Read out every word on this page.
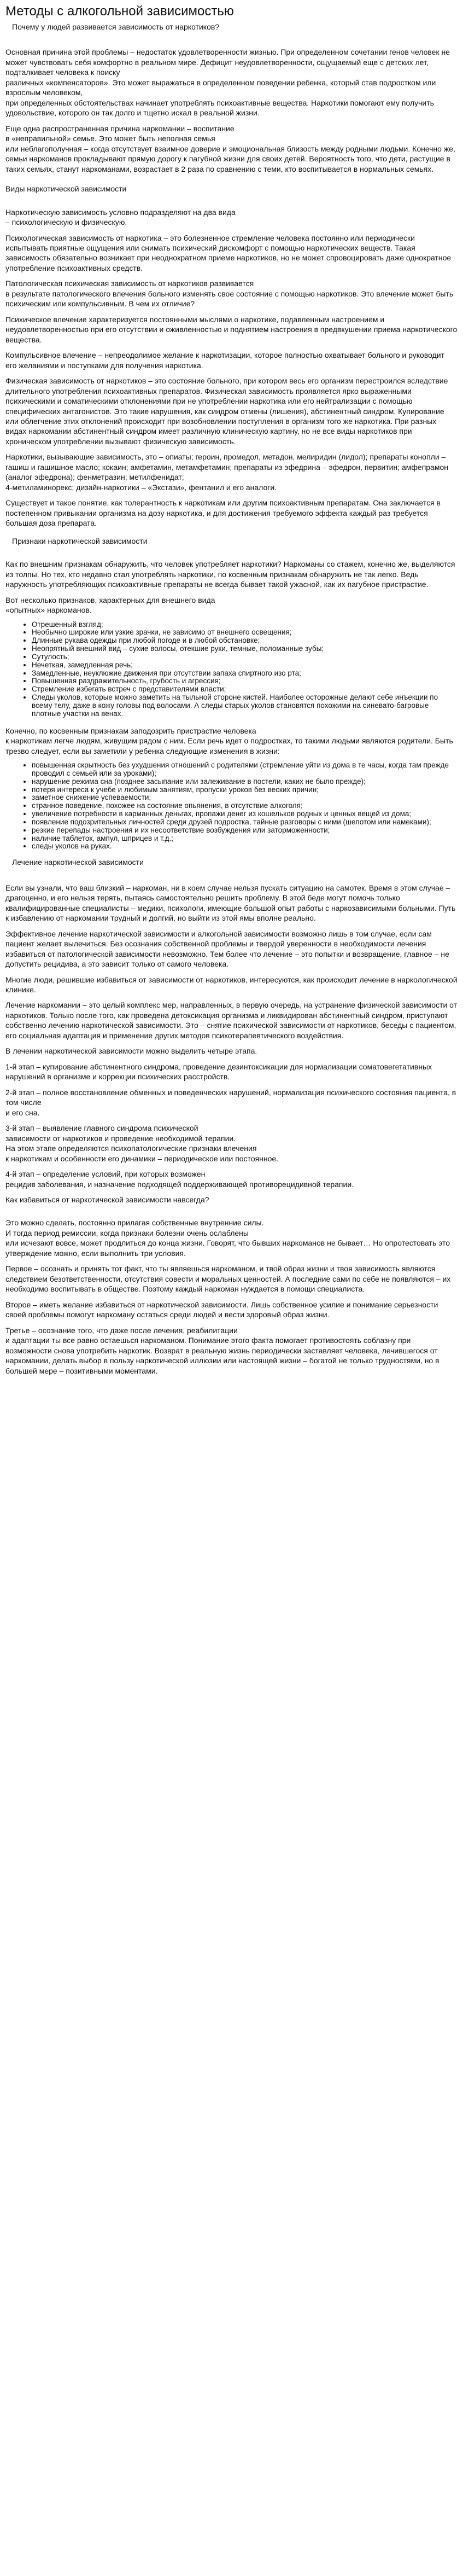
Методы с алкогольной зависимостью
Почему у людей развивается зависимость от наркотиков?

Основная причина этой проблемы – недостаток удовлетворенности жизнью. При определенном сочетании генов человек не может чувствовать себя комфортно в реальном мире. Дефицит неудовлетворенности, ощущаемый еще с детских лет, подталкивает человека к поиску
различных «компенсаторов». Это может выражаться в определенном поведении ребенка, который став подростком или взрослым человеком,
при определенных обстоятельствах начинает употреблять психоактивные вещества. Наркотики помогают ему получить удовольствие, которого он так долго и тщетно искал в реальной жизни.

Еще одна распространенная причина наркомании – воспитание
в «неправильной» семье. Это может быть неполная семья
или неблагополучная – когда отсутствует взаимное доверие и эмоциональная близость между родными людьми. Конечно же, семьи наркоманов прокладывают прямую дорогу к пагубной жизни для своих детей. Вероятность того, что дети, растущие в таких семьях, станут наркоманами, возрастает в 2 раза по сравнению с теми, кто воспитывается в нормальных семьях.

Виды наркотической зависимости

Наркотическую зависимость условно подразделяют на два вида
– психологическую и физическую.

Психологическая зависимость от наркотика – это болезненное стремление человека постоянно или периодически испытывать приятные ощущения или снимать психический дискомфорт с помощью наркотических веществ. Такая зависимость обязательно возникает при неоднократном приеме наркотиков, но не может спровоцировать даже однократное употребление психоактивных средств.

Патологическая психическая зависимость от наркотиков развивается
в результате патологического влечения больного изменять свое состояние с помощью наркотиков. Это влечение может быть
психическим или компульсивным. В чем их отличие?

Психическое влечение характеризуется постоянными мыслями о наркотике, подавленным настроением и неудовлетворенностью при его отсутствии и оживленностью и поднятием настроения в предвкушении приема наркотического вещества.

Компульсивное влечение – непреодолимое желание к наркотизации, которое полностью охватывает больного и руководит его желаниями и поступками для получения наркотика.

Физическая зависимость от наркотиков – это состояние больного, при котором весь его организм перестроился вследствие длительного употребления психоактивных препаратов. Физическая зависимость проявляется ярко выраженными психическими и соматическими отклонениями при не употреблении наркотика или его нейтрализации с помощью специфических антагонистов. Это такие нарушения, как синдром отмены (лишения), абстинентный синдром. Купирование или облегчение этих отклонений происходит при возобновлении поступления в организм того же наркотика. При разных видах наркомании абстинентный синдром имеет различную клиническую картину, но не все виды наркотиков при хроническом употреблении вызывают физическую зависимость.

Наркотики, вызывающие зависимость, это – опиаты; героин, промедол, метадон, мелиридин (лидол); препараты конопли – гашиш и гашишное масло; кокаин; амфетамин, метамфетамин; препараты из эфедрина – эфедрон, первитин; амфепрамон (аналог эфедрона); фенметразин; метилфенидат;
4-метиламинорекс; дизайн-наркотики – «Экстази», фентанил и его аналоги.

Существует и такое понятие, как толерантность к наркотикам или другим психоактивным препаратам. Она заключается в постепенном привыкании организма на дозу наркотика, и для достижения требуемого эффекта каждый раз требуется большая доза препарата.

Признаки наркотической зависимости

Как по внешним признакам обнаружить, что человек употребляет наркотики? Наркоманы со стажем, конечно же, выделяются из толпы. Но тех, кто недавно стал употреблять наркотики, по косвенным признакам обнаружить не так легко. Ведь наружность употребляющих психоактивные препараты не всегда бывает такой ужасной, как их пагубное пристрастие.

Вот несколько признаков, характерных для внешнего вида
«опытных» наркоманов.

• Отрешенный взгляд;
• Необычно широкие или узкие зрачки, не зависимо от внешнего освещения;
• Длинные рукава одежды при любой погоде и в любой обстановке;
• Неопрятный внешний вид – сухие волосы, отекшие руки, темные, поломанные зубы;
• Сутулость;
• Нечеткая, замедленная речь;
• Замедленные, неуклюжие движения при отсутствии запаха спиртного изо рта;
• Повышенная раздражительность, грубость и агрессия;
• Стремление избегать встреч с представителями власти;
• Следы уколов, которые можно заметить на тыльной стороне кистей. Наиболее осторожные делают себе инъекции по всему телу, даже в кожу головы под волосами. А следы старых уколов становятся похожими на синевато-багровые плотные участки на венах.

Конечно, по косвенным признакам заподозрить пристрастие человека
к наркотикам легче людям, живущим рядом с ним. Если речь идет о подростках, то такими людьми являются родители. Быть трезво следует, если вы заметили у ребенка следующие изменения в жизни:

• повышенная скрытность без ухудшения отношений с родителями (стремление уйти из дома в те часы, когда там прежде проводил с семьей или за уроками);
• нарушение режима сна (позднее засыпание или залеживание в постели, каких не было прежде);
• потеря интереса к учебе и любимым занятиям, пропуски уроков без веских причин;
• заметное снижение успеваемости;
• странное поведение, похожее на состояние опьянения, в отсутствие алкоголя;
• увеличение потребности в карманных деньгах, пропажи денег из кошельков родных и ценных вещей из дома;
• появление подозрительных личностей среди друзей подростка, тайные разговоры с ними (шепотом или намеками);
• резкие перепады настроения и их несоответствие возбуждения или заторможенности;
• наличие таблеток, ампул, шприцев и т.д.;
• следы уколов на руках.

Лечение наркотической зависимости

Если вы узнали, что ваш близкий – наркоман, ни в коем случае нельзя пускать ситуацию на самотек. Время в этом случае – драгоценно, и его нельзя терять, пытаясь самостоятельно решить проблему. В этой беде могут помочь только квалифицированные специалисты – медики, психологи, имеющие большой опыт работы с наркозависимыми больными. Путь к избавлению от наркомании трудный и долгий, но выйти из этой ямы вполне реально.

Эффективное лечение наркотической зависимости и алкогольной зависимости возможно лишь в том случае, если сам пациент желает вылечиться. Без осознания собственной проблемы и твердой уверенности в необходимости лечения избавиться от патологической зависимости невозможно. Тем более что лечение – это попытки и возвращение, главное – не допустить рецидива, а это зависит только от самого человека.

Многие люди, решившие избавиться от зависимости от наркотиков, интересуются, как происходит лечение в наркологической клинике.

Лечение наркомании – это целый комплекс мер, направленных, в первую очередь, на устранение физической зависимости от наркотиков. Только после того, как проведена детоксикация организма и ликвидирован абстинентный синдром, приступают собственно лечению наркотической зависимости. Это – снятие психической зависимости от наркотиков, беседы с пациентом, его социальная адаптация и применение других методов психотерапевтического воздействия.

В лечении наркотической зависимости можно выделить четыре этапа.

1-й этап – купирование абстинентного синдрома, проведение дезинтоксикации для нормализации соматовегетативных нарушений в организме и коррекции психических расстройств.

2-й этап – полное восстановление обменных и поведенческих нарушений, нормализация психического состояния пациента, в том числе
и его сна.

3-й этап – выявление главного синдрома психической
зависимости от наркотиков и проведение необходимой терапии.
На этом этапе определяются психопатологические признаки влечения
к наркотикам и особенности его динамики – периодическое или постоянное.

4-й этап – определение условий, при которых возможен
рецидив заболевания, и назначение подходящей поддерживающей противорецидивной терапии.

Как избавиться от наркотической зависимости навсегда?

Это можно сделать, постоянно прилагая собственные внутренние силы.
И тогда период ремиссии, когда признаки болезни очень ослаблены
или исчезают вовсе, может продлиться до конца жизни. Говорят, что бывших наркоманов не бывает… Но опротестовать это утверждение можно, если выполнить три условия.

Первое – осознать и принять тот факт, что ты являешься наркоманом, и твой образ жизни и твоя зависимость являются следствием безответственности, отсутствия совести и моральных ценностей. А последние сами по себе не появляются – их необходимо воспитывать в обществе. Поэтому каждый наркоман нуждается в помощи специалиста.

Второе – иметь желание избавиться от наркотической зависимости. Лишь собственное усилие и понимание серьезности своей проблемы помогут наркоману остаться среди людей и вести здоровый образ жизни.

Третье – осознание того, что даже после лечения, реабилитации
и адаптации ты все равно остаешься наркоманом. Понимание этого факта помогает противостоять соблазну при возможности снова употребить наркотик. Возврат в реальную жизнь периодически заставляет человека, лечившегося от наркомании, делать выбор в пользу наркотической иллюзии или настоящей жизни – богатой не только трудностями, но в большей мере – позитивными моментами.
